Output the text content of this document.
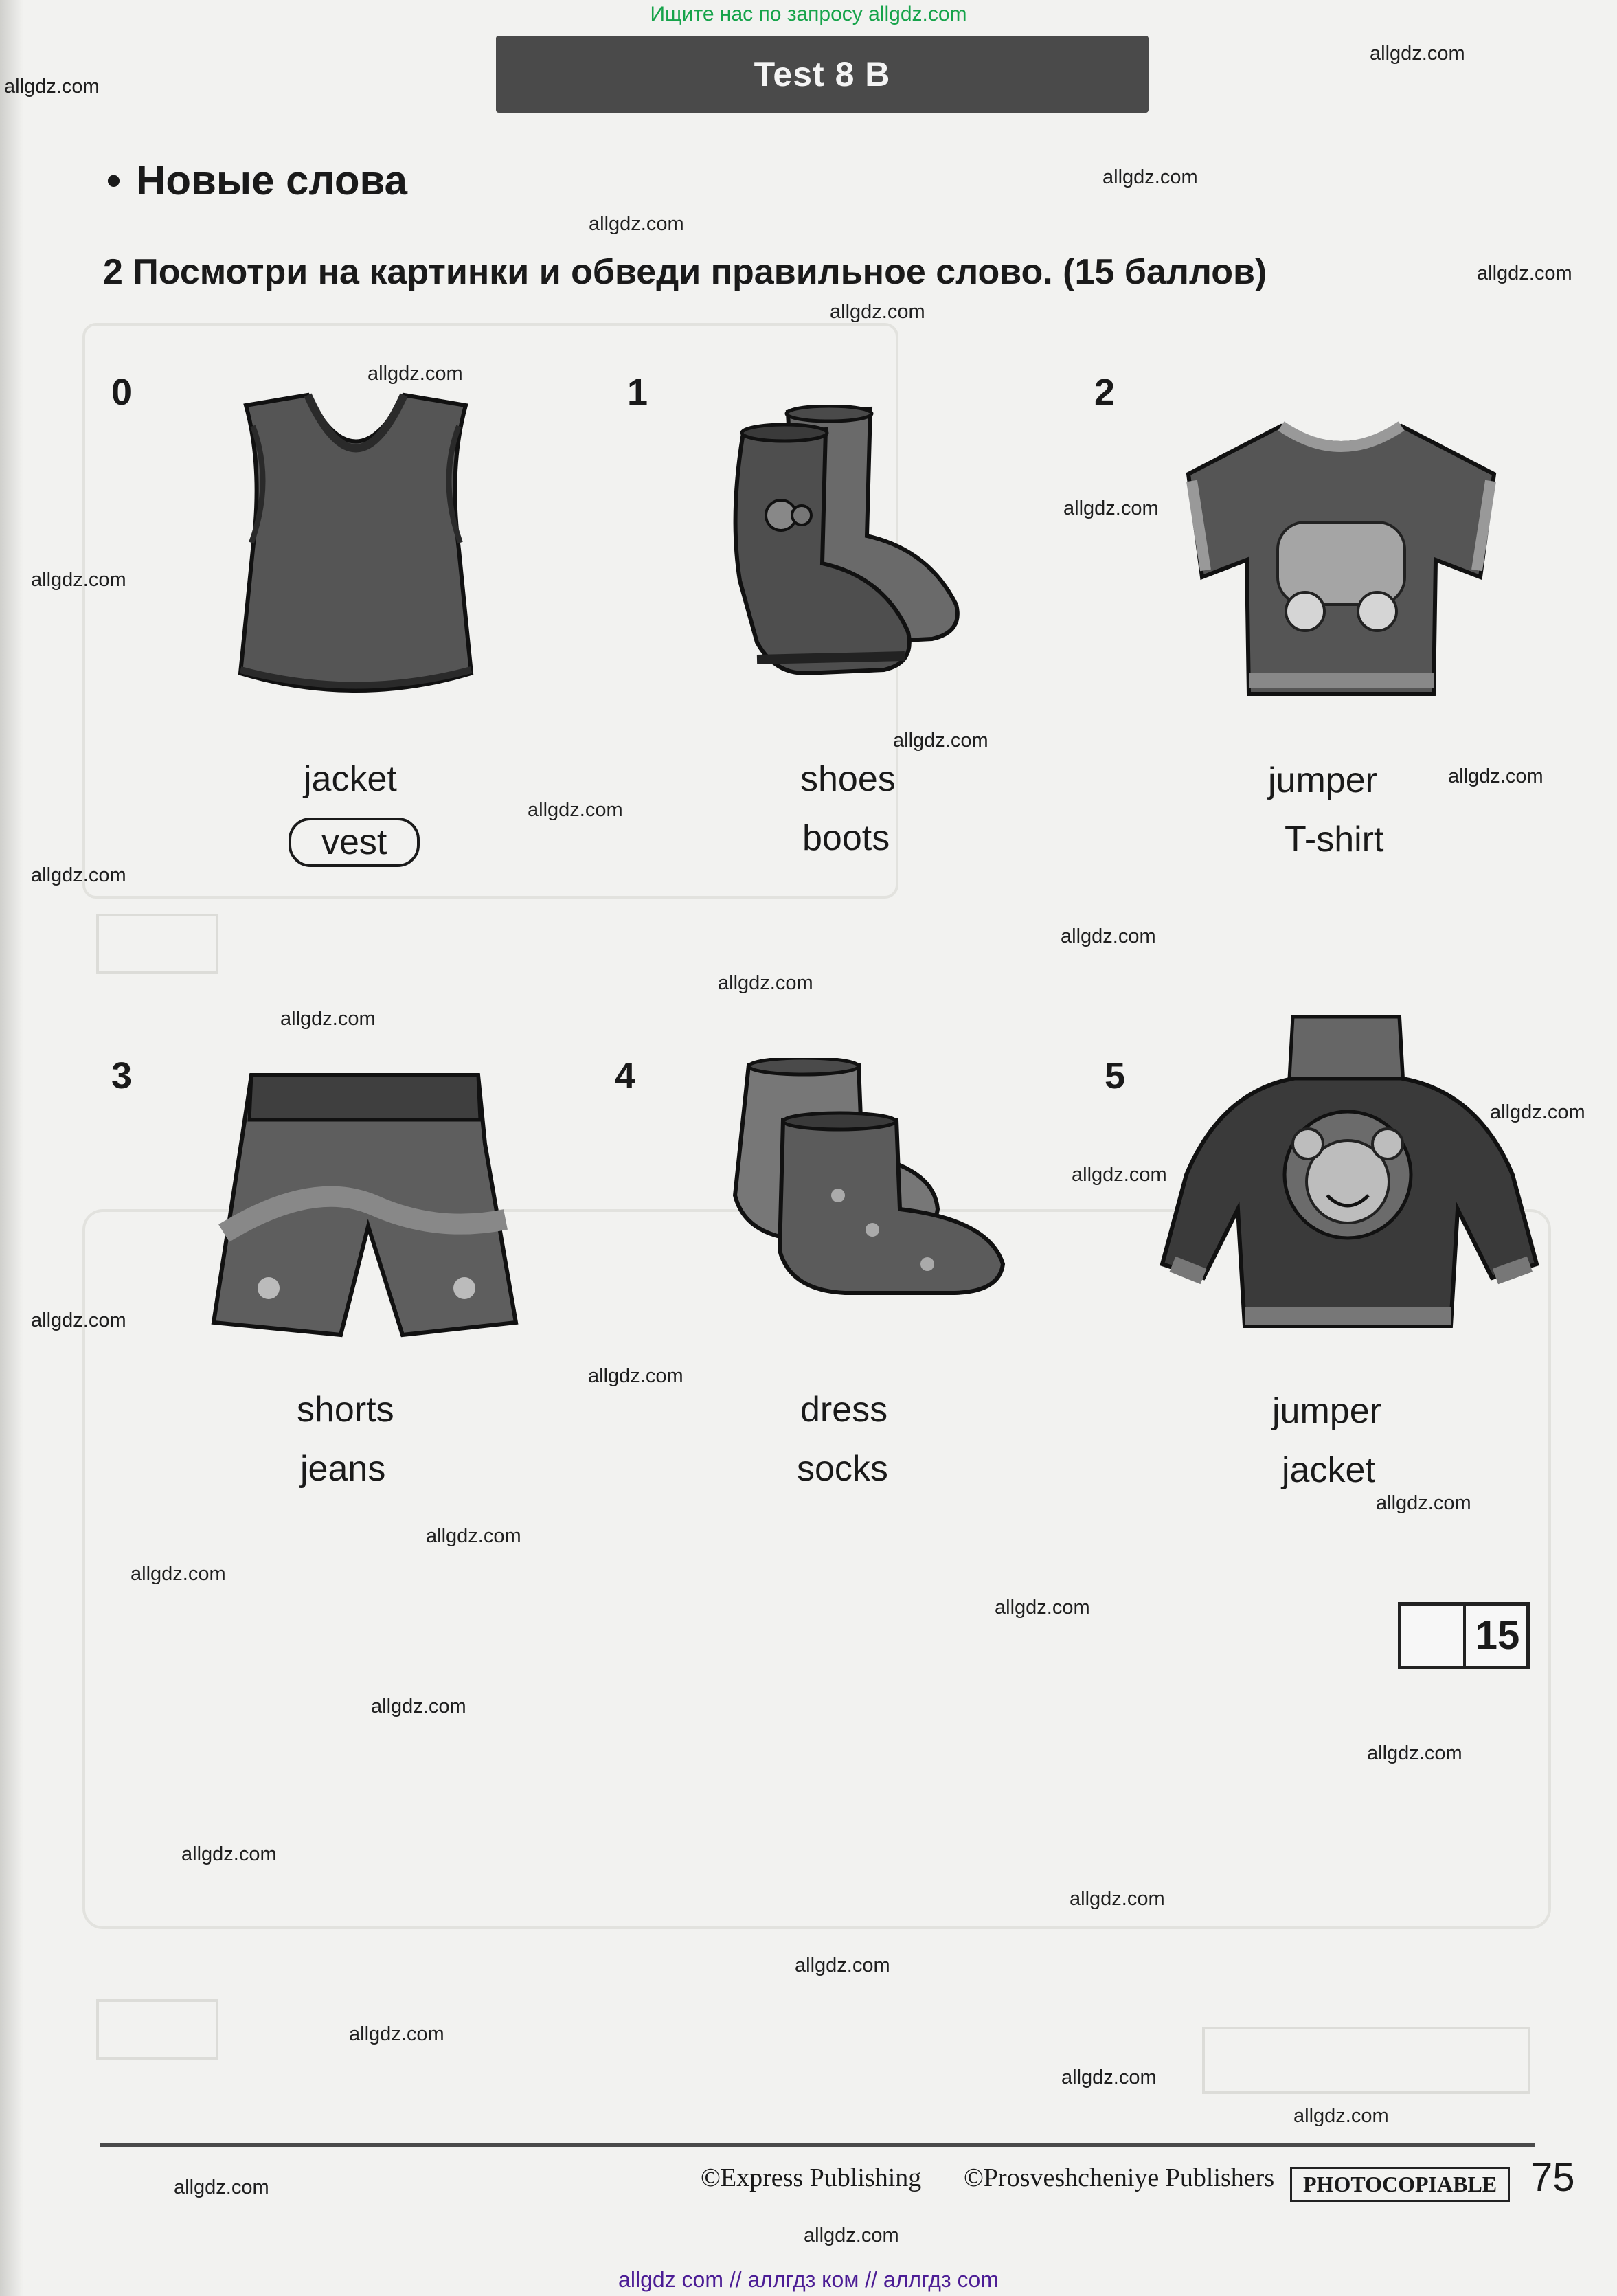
Ищите нас по запросу allgdz.com
Test 8 B
• Новые слова
2 Посмотри на картинки и обведи правильное слово. (15 баллов)
0
jacket
vest
1
shoes
boots
2
jumper
T-shirt
3
shorts
jeans
4
dress
socks
5
jumper
jacket
15
allgdz.com
allgdz.com
allgdz.com
allgdz.com
allgdz.com
allgdz.com
allgdz.com
allgdz.com
allgdz.com
allgdz.com
allgdz.com
allgdz.com
allgdz.com
allgdz.com
allgdz.com
allgdz.com
allgdz.com
allgdz.com
allgdz.com
allgdz.com
allgdz.com
allgdz.com
allgdz.com
allgdz.com
allgdz.com
allgdz.com
allgdz.com
allgdz.com
allgdz.com
allgdz.com
allgdz.com
allgdz.com
allgdz.com
allgdz.com
©Express Publishing ©Prosveshcheniye Publishers	PHOTOCOPIABLE 75
allgdz com // аллгдз ком // аллгдз com
